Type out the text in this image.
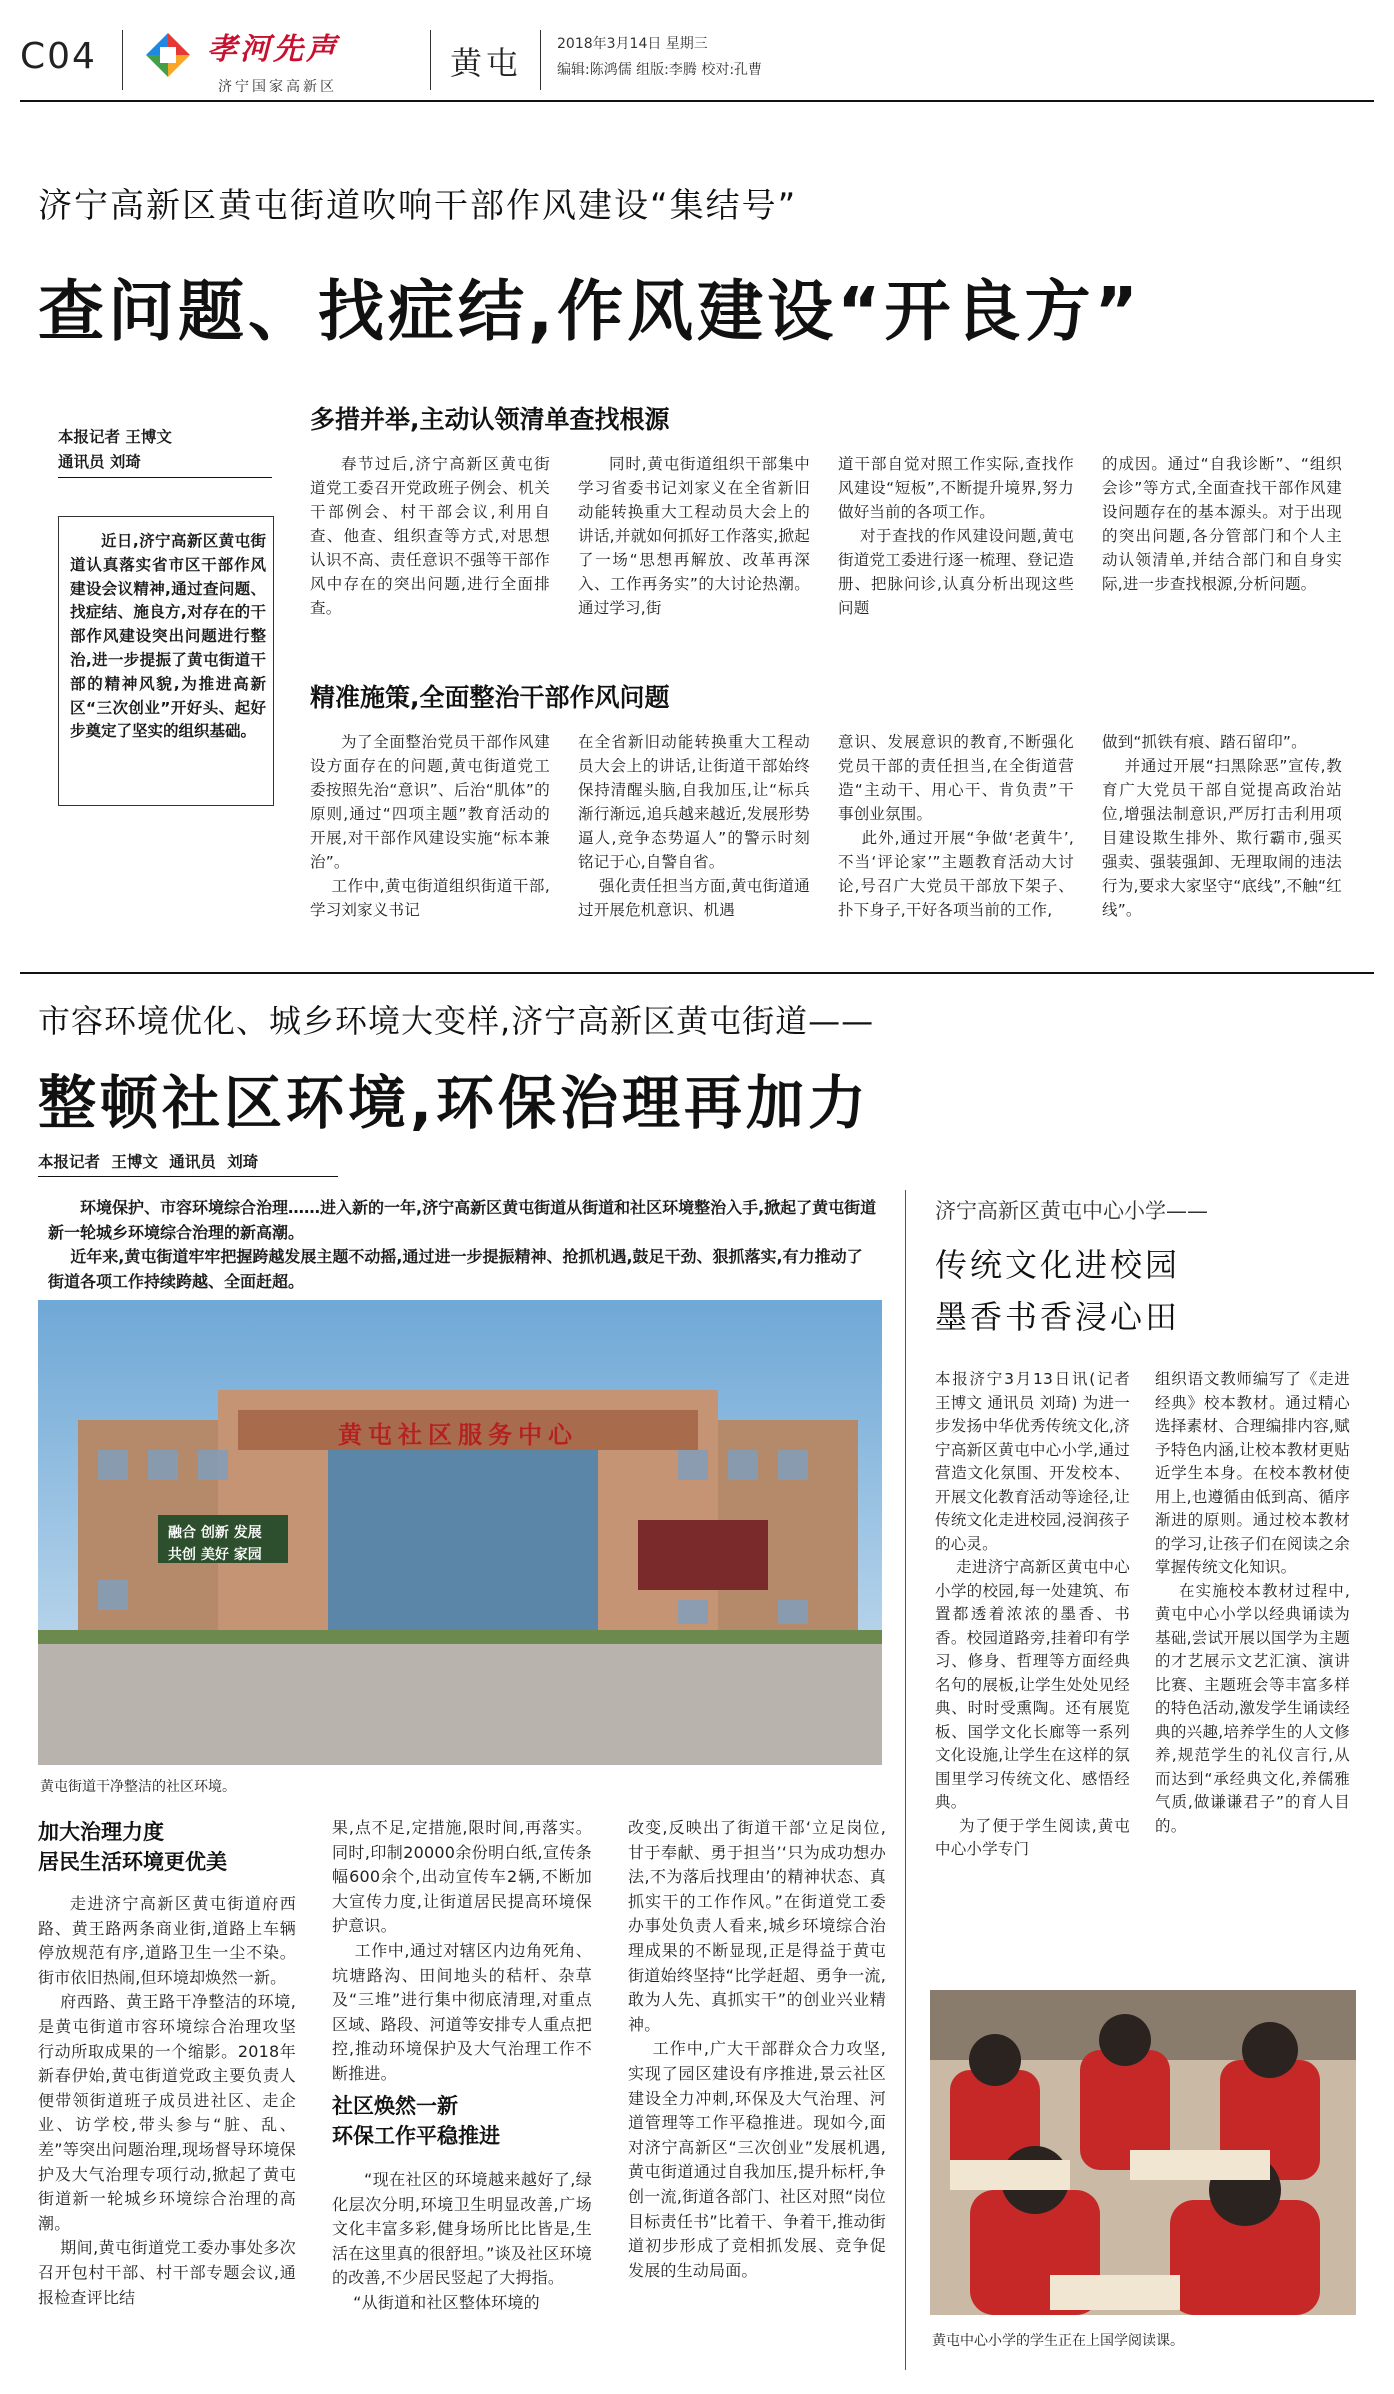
C04	孝河先声
济宁国家高新区
黄屯 2018年3月14日 星期三
编辑:陈鸿儒 组版:李腾 校对:孔曹
济宁高新区黄屯街道吹响干部作风建设“集结号”
查问题、找症结,作风建设“开良方”
本报记者 王博文
通讯员 刘琦
近日,济宁高新区黄屯街道认真落实省市区干部作风建设会议精神,通过查问题、找症结、施良方,对存在的干部作风建设突出问题进行整治,进一步提振了黄屯街道干部的精神风貌,为推进高新区“三次创业”开好头、起好步奠定了坚实的组织基础。
多措并举,主动认领清单查找根源
春节过后,济宁高新区黄屯街道党工委召开党政班子例会、机关干部例会、村干部会议,利用自查、他查、组织查等方式,对思想认识不高、责任意识不强等干部作风中存在的突出问题,进行全面排查。
同时,黄屯街道组织干部集中学习省委书记刘家义在全省新旧动能转换重大工程动员大会上的讲话,并就如何抓好工作落实,掀起了一场“思想再解放、改革再深入、工作再务实”的大讨论热潮。通过学习,街
道干部自觉对照工作实际,查找作风建设“短板”,不断提升境界,努力做好当前的各项工作。
对于查找的作风建设问题,黄屯街道党工委进行逐一梳理、登记造册、把脉问诊,认真分析出现这些问题
的成因。通过“自我诊断”、“组织会诊”等方式,全面查找干部作风建设问题存在的基本源头。对于出现的突出问题,各分管部门和个人主动认领清单,并结合部门和自身实际,进一步查找根源,分析问题。
精准施策,全面整治干部作风问题
为了全面整治党员干部作风建设方面存在的问题,黄屯街道党工委按照先治“意识”、后治“肌体”的原则,通过“四项主题”教育活动的开展,对干部作风建设实施“标本兼治”。
工作中,黄屯街道组织街道干部,学习刘家义书记
在全省新旧动能转换重大工程动员大会上的讲话,让街道干部始终保持清醒头脑,自我加压,让“标兵渐行渐远,追兵越来越近,发展形势逼人,竞争态势逼人”的警示时刻铭记于心,自警自省。
强化责任担当方面,黄屯街道通过开展危机意识、机遇
意识、发展意识的教育,不断强化党员干部的责任担当,在全街道营造“主动干、用心干、肯负责”干事创业氛围。
此外,通过开展“争做‘老黄牛’,不当‘评论家’”主题教育活动大讨论,号召广大党员干部放下架子、扑下身子,干好各项当前的工作,
做到“抓铁有痕、踏石留印”。
并通过开展“扫黑除恶”宣传,教育广大党员干部自觉提高政治站位,增强法制意识,严厉打击利用项目建设欺生排外、欺行霸市,强买强卖、强装强卸、无理取闹的违法行为,要求大家坚守“底线”,不触“红线”。
市容环境优化、城乡环境大变样,济宁高新区黄屯街道——
整顿社区环境,环保治理再加力
本报记者 王博文 通讯员 刘琦
环境保护、市容环境综合治理……进入新的一年,济宁高新区黄屯街道从街道和社区环境整治入手,掀起了黄屯街道新一轮城乡环境综合治理的新高潮。
近年来,黄屯街道牢牢把握跨越发展主题不动摇,通过进一步提振精神、抢抓机遇,鼓足干劲、狠抓落实,有力推动了街道各项工作持续跨越、全面赶超。
黄屯社区服务中心
融合 创新 发展
共创 美好 家园
黄屯街道干净整洁的社区环境。
加大治理力度
居民生活环境更优美
走进济宁高新区黄屯街道府西路、黄王路两条商业街,道路上车辆停放规范有序,道路卫生一尘不染。街市依旧热闹,但环境却焕然一新。
府西路、黄王路干净整洁的环境,是黄屯街道市容环境综合治理攻坚行动所取成果的一个缩影。2018年新春伊始,黄屯街道党政主要负责人便带领街道班子成员进社区、走企业、访学校,带头参与“脏、乱、差”等突出问题治理,现场督导环境保护及大气治理专项行动,掀起了黄屯街道新一轮城乡环境综合治理的高潮。
期间,黄屯街道党工委办事处多次召开包村干部、村干部专题会议,通报检查评比结
果,点不足,定措施,限时间,再落实。同时,印制20000余份明白纸,宣传条幅600余个,出动宣传车2辆,不断加大宣传力度,让街道居民提高环境保护意识。
工作中,通过对辖区内边角死角、坑塘路沟、田间地头的秸杆、杂草及“三堆”进行集中彻底清理,对重点区域、路段、河道等安排专人重点把控,推动环境保护及大气治理工作不断推进。
社区焕然一新
环保工作平稳推进
“现在社区的环境越来越好了,绿化层次分明,环境卫生明显改善,广场文化丰富多彩,健身场所比比皆是,生活在这里真的很舒坦。”谈及社区环境的改善,不少居民竖起了大拇指。
“从街道和社区整体环境的
改变,反映出了街道干部‘立足岗位,甘于奉献、勇于担当’‘只为成功想办法,不为落后找理由’的精神状态、真抓实干的工作作风。”在街道党工委办事处负责人看来,城乡环境综合治理成果的不断显现,正是得益于黄屯街道始终坚持“比学赶超、勇争一流,敢为人先、真抓实干”的创业兴业精神。
工作中,广大干部群众合力攻坚,实现了园区建设有序推进,景云社区建设全力冲刺,环保及大气治理、河道管理等工作平稳推进。现如今,面对济宁高新区“三次创业”发展机遇,黄屯街道通过自我加压,提升标杆,争创一流,街道各部门、社区对照“岗位目标责任书”比着干、争着干,推动街道初步形成了竞相抓发展、竞争促发展的生动局面。
济宁高新区黄屯中心小学——
传统文化进校园
墨香书香浸心田
本报济宁3月13日讯(记者 王博文 通讯员 刘琦) 为进一步发扬中华优秀传统文化,济宁高新区黄屯中心小学,通过营造文化氛围、开发校本、开展文化教育活动等途径,让传统文化走进校园,浸润孩子的心灵。
走进济宁高新区黄屯中心小学的校园,每一处建筑、布置都透着浓浓的墨香、书香。校园道路旁,挂着印有学习、修身、哲理等方面经典名句的展板,让学生处处见经典、时时受熏陶。还有展览板、国学文化长廊等一系列文化设施,让学生在这样的氛围里学习传统文化、感悟经典。
为了便于学生阅读,黄屯中心小学专门
组织语文教师编写了《走进经典》校本教材。通过精心选择素材、合理编排内容,赋予特色内涵,让校本教材更贴近学生本身。在校本教材使用上,也遵循由低到高、循序渐进的原则。通过校本教材的学习,让孩子们在阅读之余掌握传统文化知识。
在实施校本教材过程中,黄屯中心小学以经典诵读为基础,尝试开展以国学为主题的才艺展示文艺汇演、演讲比赛、主题班会等丰富多样的特色活动,激发学生诵读经典的兴趣,培养学生的人文修养,规范学生的礼仪言行,从而达到“承经典文化,养儒雅气质,做谦谦君子”的育人目的。
黄屯中心小学的学生正在上国学阅读课。
